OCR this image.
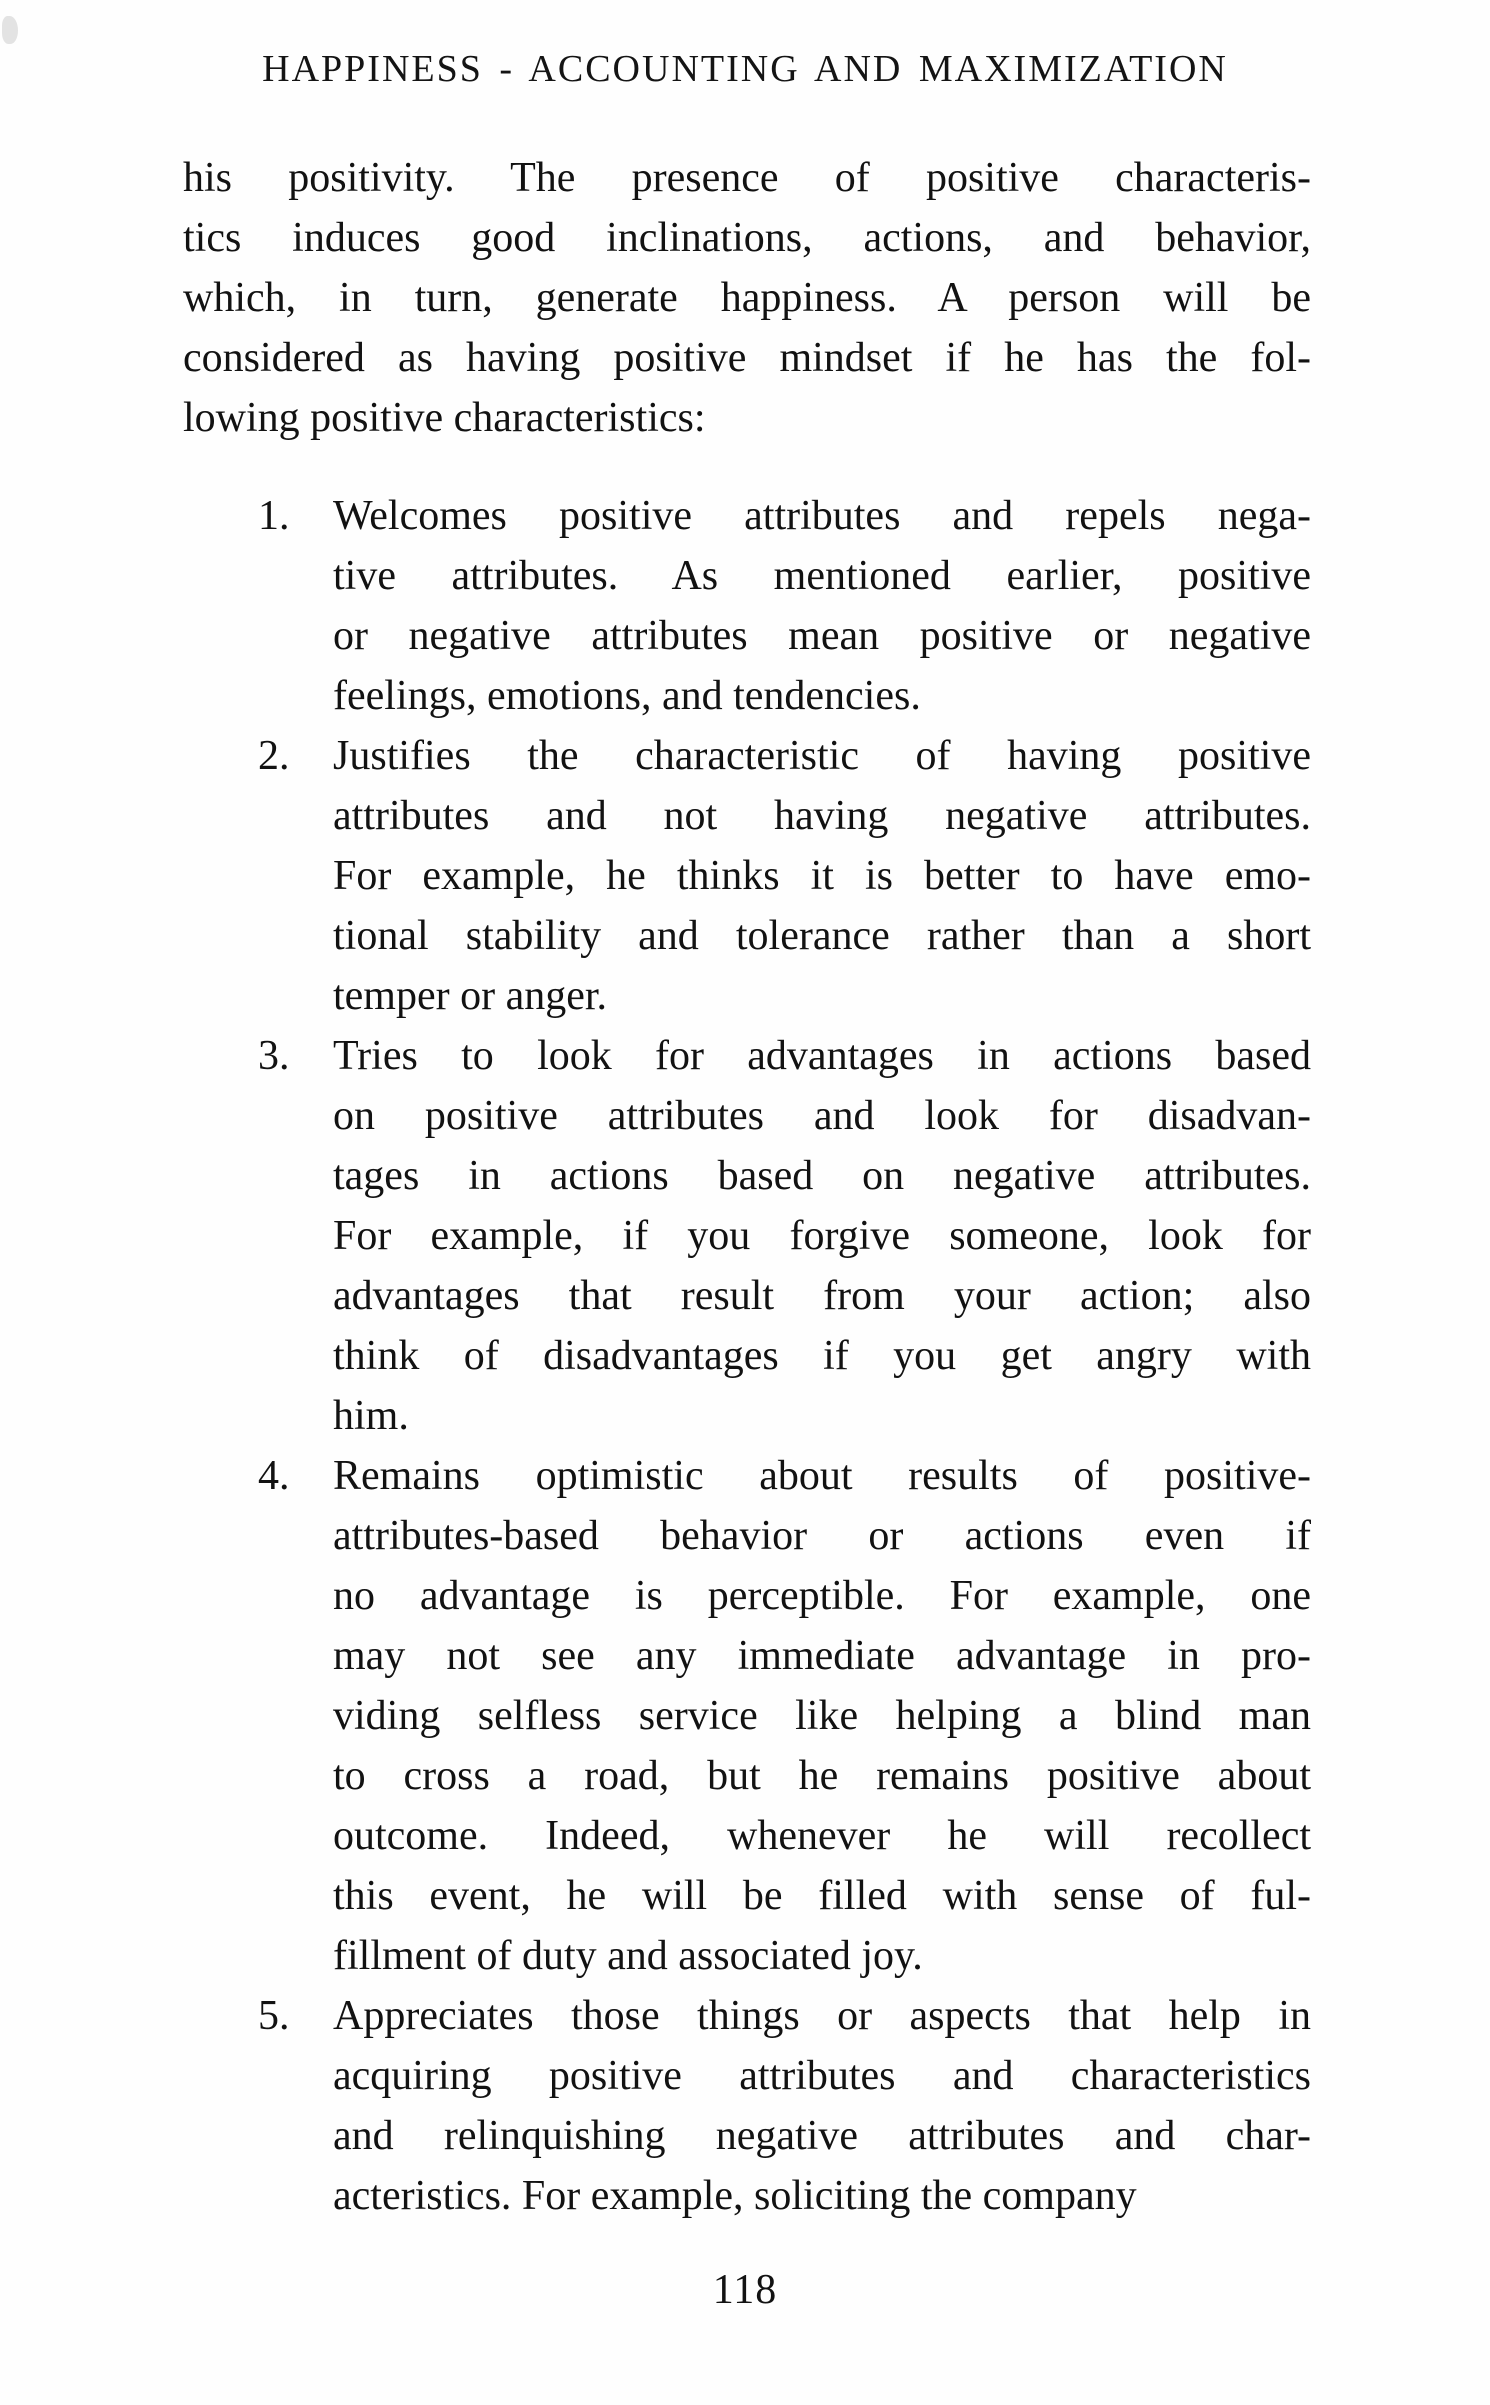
HAPPINESS - ACCOUNTING AND MAXIMIZATION
his positivity. The presence of positive characteris-
tics induces good inclinations, actions, and behavior,
which, in turn, generate happiness. A person will be
considered as having positive mindset if he has the fol-
lowing positive characteristics:
1.	Welcomes positive attributes and repels nega-
tive attributes. As mentioned earlier, positive
or negative attributes mean positive or negative
feelings, emotions, and tendencies.
2.	Justifies the characteristic of having positive
attributes and not having negative attributes.
For example, he thinks it is better to have emo-
tional stability and tolerance rather than a short
temper or anger.
3.	Tries to look for advantages in actions based
on positive attributes and look for disadvan-
tages in actions based on negative attributes.
For example, if you forgive someone, look for
advantages that result from your action; also
think of disadvantages if you get angry with
him.
4.	Remains optimistic about results of positive-
attributes-based behavior or actions even if
no advantage is perceptible. For example, one
may not see any immediate advantage in pro-
viding selfless service like helping a blind man
to cross a road, but he remains positive about
outcome. Indeed, whenever he will recollect
this event, he will be filled with sense of ful-
fillment of duty and associated joy.
5.	Appreciates those things or aspects that help in
acquiring positive attributes and characteristics
and relinquishing negative attributes and char-
acteristics. For example, soliciting the company
118
